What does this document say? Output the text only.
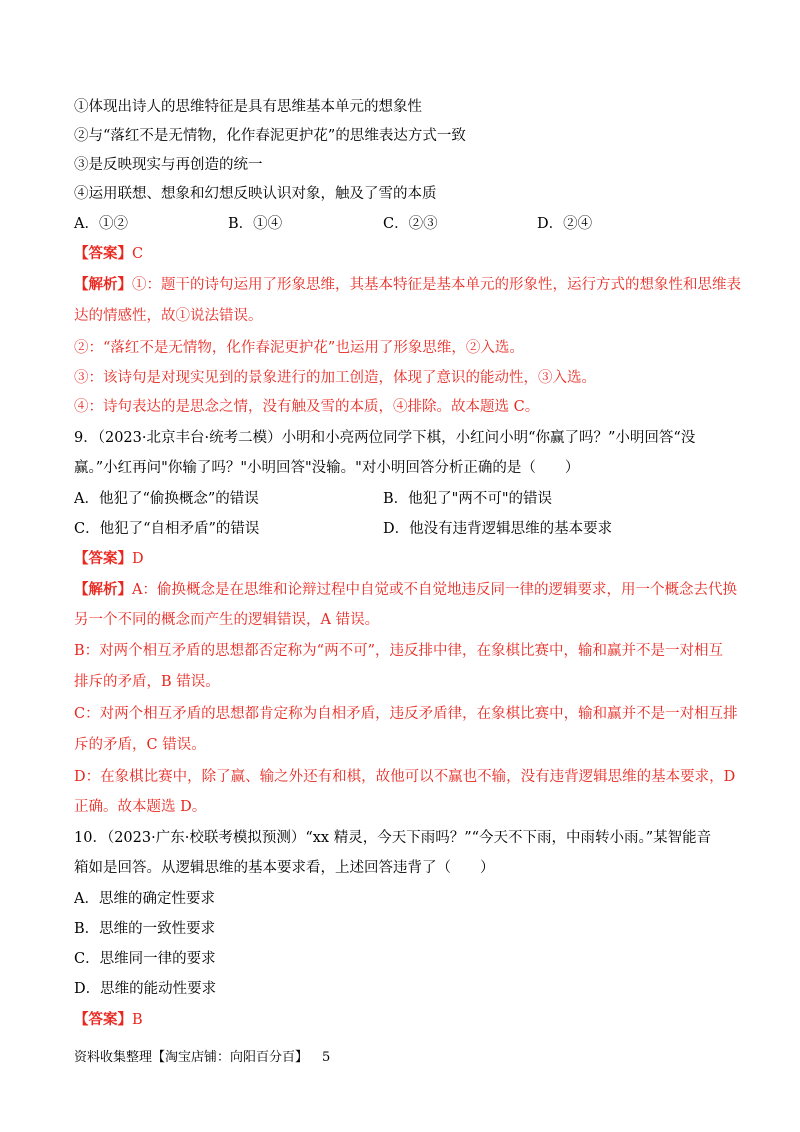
①体现出诗人的思维特征是具有思维基本单元的想象性
②与“落红不是无情物，化作春泥更护花”的思维表达方式一致
③是反映现实与再创造的统一
④运用联想、想象和幻想反映认识对象，触及了雪的本质
A．①②	B．①④	C．②③	D．②④
【答案】C
【解析】①：题干的诗句运用了形象思维，其基本特征是基本单元的形象性，运行方式的想象性和思维表
达的情感性，故①说法错误。
②：“落红不是无情物，化作春泥更护花”也运用了形象思维，②入选。
③：该诗句是对现实见到的景象进行的加工创造，体现了意识的能动性，③入选。
④：诗句表达的是思念之情，没有触及雪的本质，④排除。故本题选 C。
9．（2023·北京丰台·统考二模）小明和小亮两位同学下棋，小红问小明“你赢了吗？”小明回答“没
赢。”小红再问"你输了吗？"小明回答"没输。"对小明回答分析正确的是（　　）
A．他犯了“偷换概念”的错误	B．他犯了"两不可"的错误
C．他犯了“自相矛盾”的错误	D．他没有违背逻辑思维的基本要求
【答案】D
【解析】A：偷换概念是在思维和论辩过程中自觉或不自觉地违反同一律的逻辑要求，用一个概念去代换
另一个不同的概念而产生的逻辑错误，A 错误。
B：对两个相互矛盾的思想都否定称为“两不可”，违反排中律，在象棋比赛中，输和赢并不是一对相互
排斥的矛盾，B 错误。
C：对两个相互矛盾的思想都肯定称为自相矛盾，违反矛盾律，在象棋比赛中，输和赢并不是一对相互排
斥的矛盾，C 错误。
D：在象棋比赛中，除了赢、输之外还有和棋，故他可以不赢也不输，没有违背逻辑思维的基本要求，D
正确。故本题选 D。
10．（2023·广东·校联考模拟预测）“xx 精灵，今天下雨吗？”“今天不下雨，中雨转小雨。”某智能音
箱如是回答。从逻辑思维的基本要求看，上述回答违背了（　　）
A．思维的确定性要求
B．思维的一致性要求
C．思维同一律的要求
D．思维的能动性要求
【答案】B
资料收集整理【淘宝店铺：向阳百分百】 5
